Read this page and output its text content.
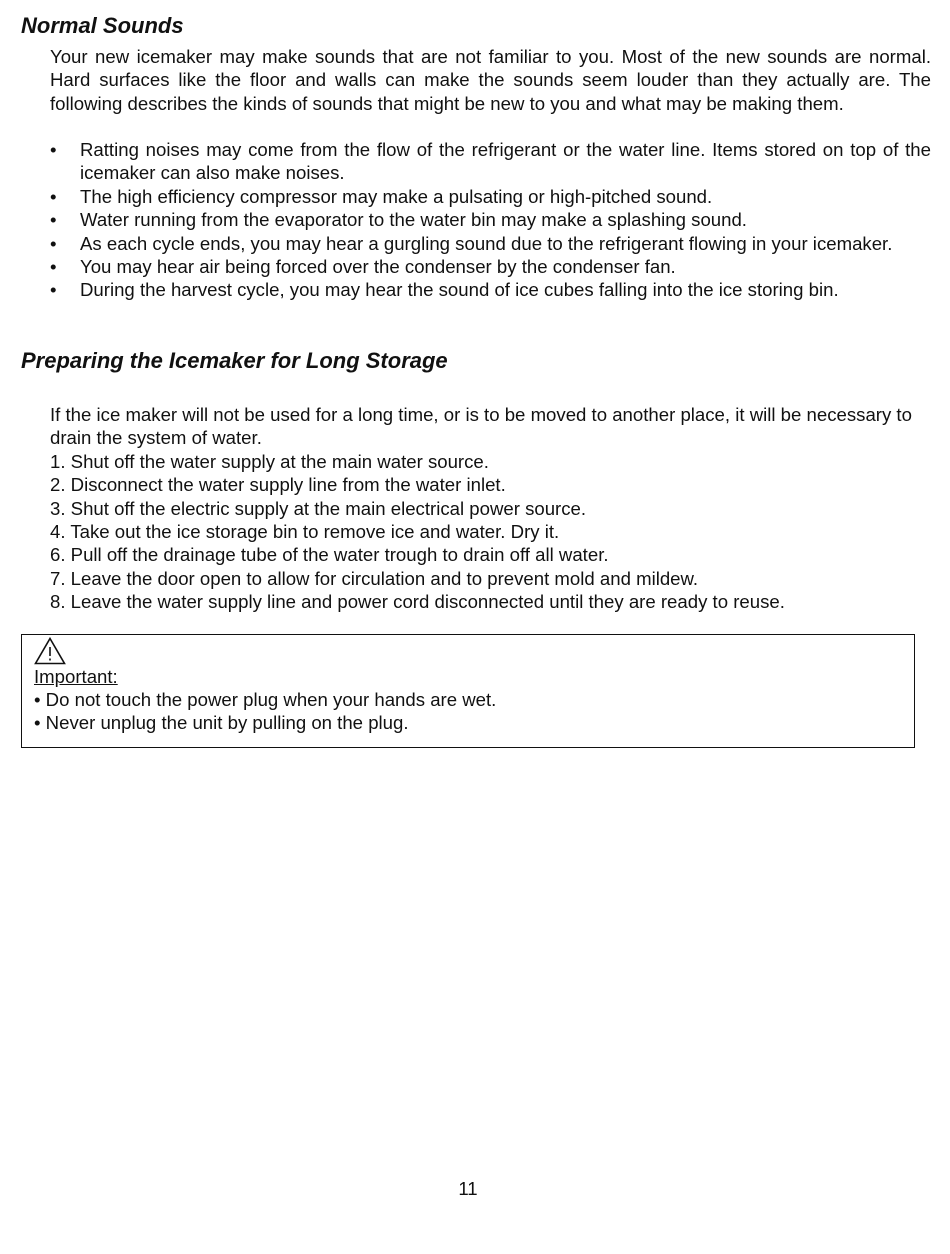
Normal Sounds

Your new icemaker may make sounds that are not familiar to you. Most of the new sounds are normal. Hard surfaces like the floor and walls can make the sounds seem louder than they actually are. The following describes the kinds of sounds that might be new to you and what may be making them.

• Ratting noises may come from the flow of the refrigerant or the water line. Items stored on top of the icemaker can also make noises.
• The high efficiency compressor may make a pulsating or high-pitched sound.
• Water running from the evaporator to the water bin may make a splashing sound.
• As each cycle ends, you may hear a gurgling sound due to the refrigerant flowing in your icemaker.
• You may hear air being forced over the condenser by the condenser fan.
• During the harvest cycle, you may hear the sound of ice cubes falling into the ice storing bin.
Preparing the Icemaker for Long Storage

If the ice maker will not be used for a long time, or is to be moved to another place, it will be necessary to drain the system of water.

1. Shut off the water supply at the main water source.
2. Disconnect the water supply line from the water inlet.
3. Shut off the electric supply at the main electrical power source.
4. Take out the ice storage bin to remove ice and water. Dry it.
6. Pull off the drainage tube of the water trough to drain off all water.
7. Leave the door open to allow for circulation and to prevent mold and mildew.
8. Leave the water supply line and power cord disconnected until they are ready to reuse.
Important:
• Do not touch the power plug when your hands are wet.
• Never unplug the unit by pulling on the plug.
11
